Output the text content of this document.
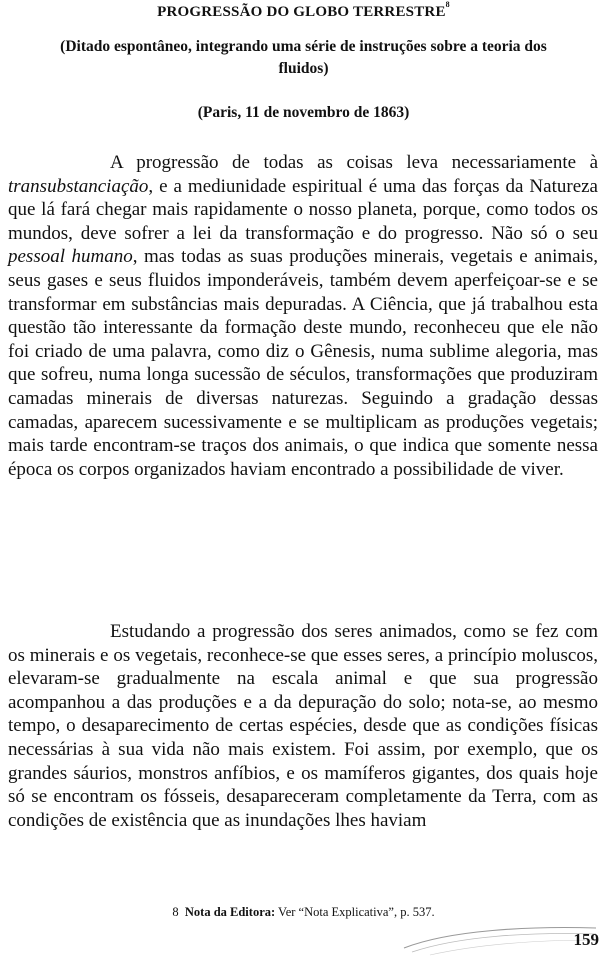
PROGRESSÃO DO GLOBO TERRESTRE$^8$
(Ditado espontâneo, integrando uma série de instruções sobre a teoria dos fluidos)
(Paris, 11 de novembro de 1863)

A progressão de todas as coisas leva necessariamente à transubstanciação, e a mediunidade espiritual é uma das forças da Natureza que lá fará chegar mais rapidamente o nosso planeta, porque, como todos os mundos, deve sofrer a lei da transformação e do progresso. Não só o seu pessoal humano, mas todas as suas produções minerais, vegetais e animais, seus gases e seus fluidos imponderáveis, também devem aperfeiçoar-se e se transformar em substâncias mais depuradas. A Ciência, que já trabalhou esta questão tão interessante da formação deste mundo, reconheceu que ele não foi criado de uma palavra, como diz o Gênesis, numa sublime alegoria, mas que sofreu, numa longa sucessão de séculos, transformações que produziram camadas minerais de diversas naturezas. Seguindo a gradação dessas camadas, aparecem sucessivamente e se multiplicam as produções vegetais; mais tarde encontram-se traços dos animais, o que indica que somente nessa época os corpos organizados haviam encontrado a possibilidade de viver.

Estudando a progressão dos seres animados, como se fez com os minerais e os vegetais, reconhece-se que esses seres, a princípio moluscos, elevaram-se gradualmente na escala animal e que sua progressão acompanhou a das produções e a da depuração do solo; nota-se, ao mesmo tempo, o desaparecimento de certas espécies, desde que as condições físicas necessárias à sua vida não mais existem. Foi assim, por exemplo, que os grandes sáurios, monstros anfíbios, e os mamíferos gigantes, dos quais hoje só se encontram os fósseis, desapareceram completamente da Terra, com as condições de existência que as inundações lhes haviam

8 Nota da Editora: Ver “Nota Explicativa”, p. 537.
159
